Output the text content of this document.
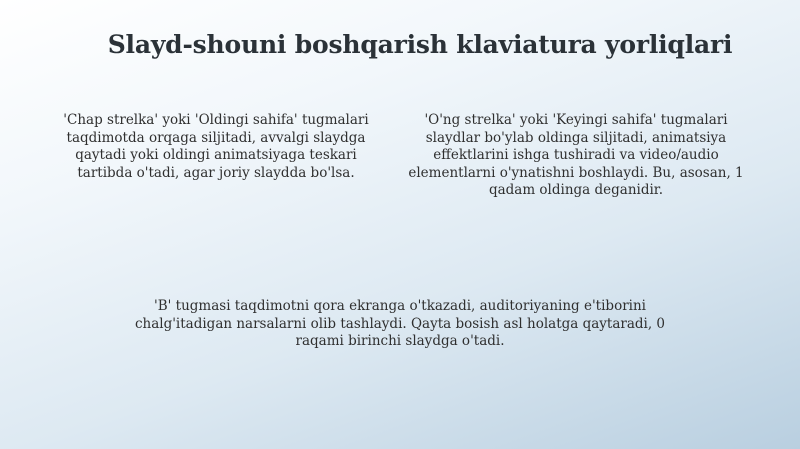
Slayd-shouni boshqarish klaviatura yorliqlari
'Chap strelka' yoki 'Oldingi sahifa' tugmalari taqdimotda orqaga siljitadi, avvalgi slaydga qaytadi yoki oldingi animatsiyaga teskari tartibda o'tadi, agar joriy slaydda bo'lsa.
'O'ng strelka' yoki 'Keyingi sahifa' tugmalari slaydlar bo'ylab oldinga siljitadi, animatsiya effektlarini ishga tushiradi va video/audio elementlarni o'ynatishni boshlaydi. Bu, asosan, 1 qadam oldinga deganidir.
'B' tugmasi taqdimotni qora ekranga o'tkazadi, auditoriyaning e'tiborini chalg'itadigan narsalarni olib tashlaydi. Qayta bosish asl holatga qaytaradi, 0 raqami birinchi slaydga o'tadi.
